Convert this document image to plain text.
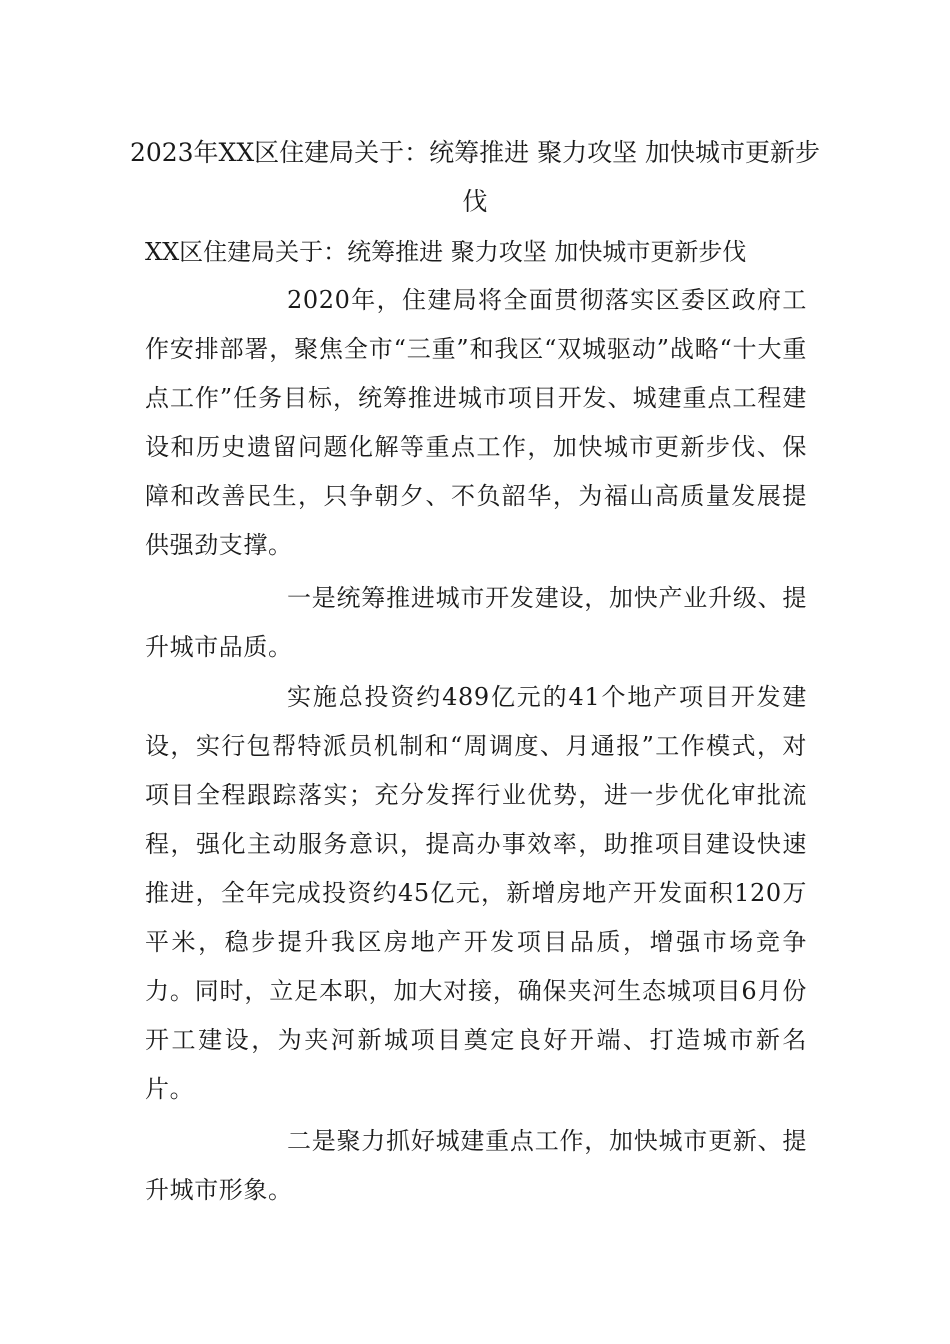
2023年XX区住建局关于：统筹推进 聚力攻坚 加快城市更新步伐

XX区住建局关于：统筹推进 聚力攻坚 加快城市更新步伐

2020年，住建局将全面贯彻落实区委区政府工作安排部署，聚焦全市“三重”和我区“双城驱动”战略“十大重点工作”任务目标，统筹推进城市项目开发、城建重点工程建设和历史遗留问题化解等重点工作，加快城市更新步伐、保障和改善民生，只争朝夕、不负韶华，为福山高质量发展提供强劲支撑。

一是统筹推进城市开发建设，加快产业升级、提升城市品质。

实施总投资约489亿元的41个地产项目开发建设，实行包帮特派员机制和“周调度、月通报”工作模式，对项目全程跟踪落实；充分发挥行业优势，进一步优化审批流程，强化主动服务意识，提高办事效率，助推项目建设快速推进，全年完成投资约45亿元，新增房地产开发面积120万平米，稳步提升我区房地产开发项目品质，增强市场竞争力。同时，立足本职，加大对接，确保夹河生态城项目6月份开工建设，为夹河新城项目奠定良好开端、打造城市新名片。

二是聚力抓好城建重点工作，加快城市更新、提升城市形象。
